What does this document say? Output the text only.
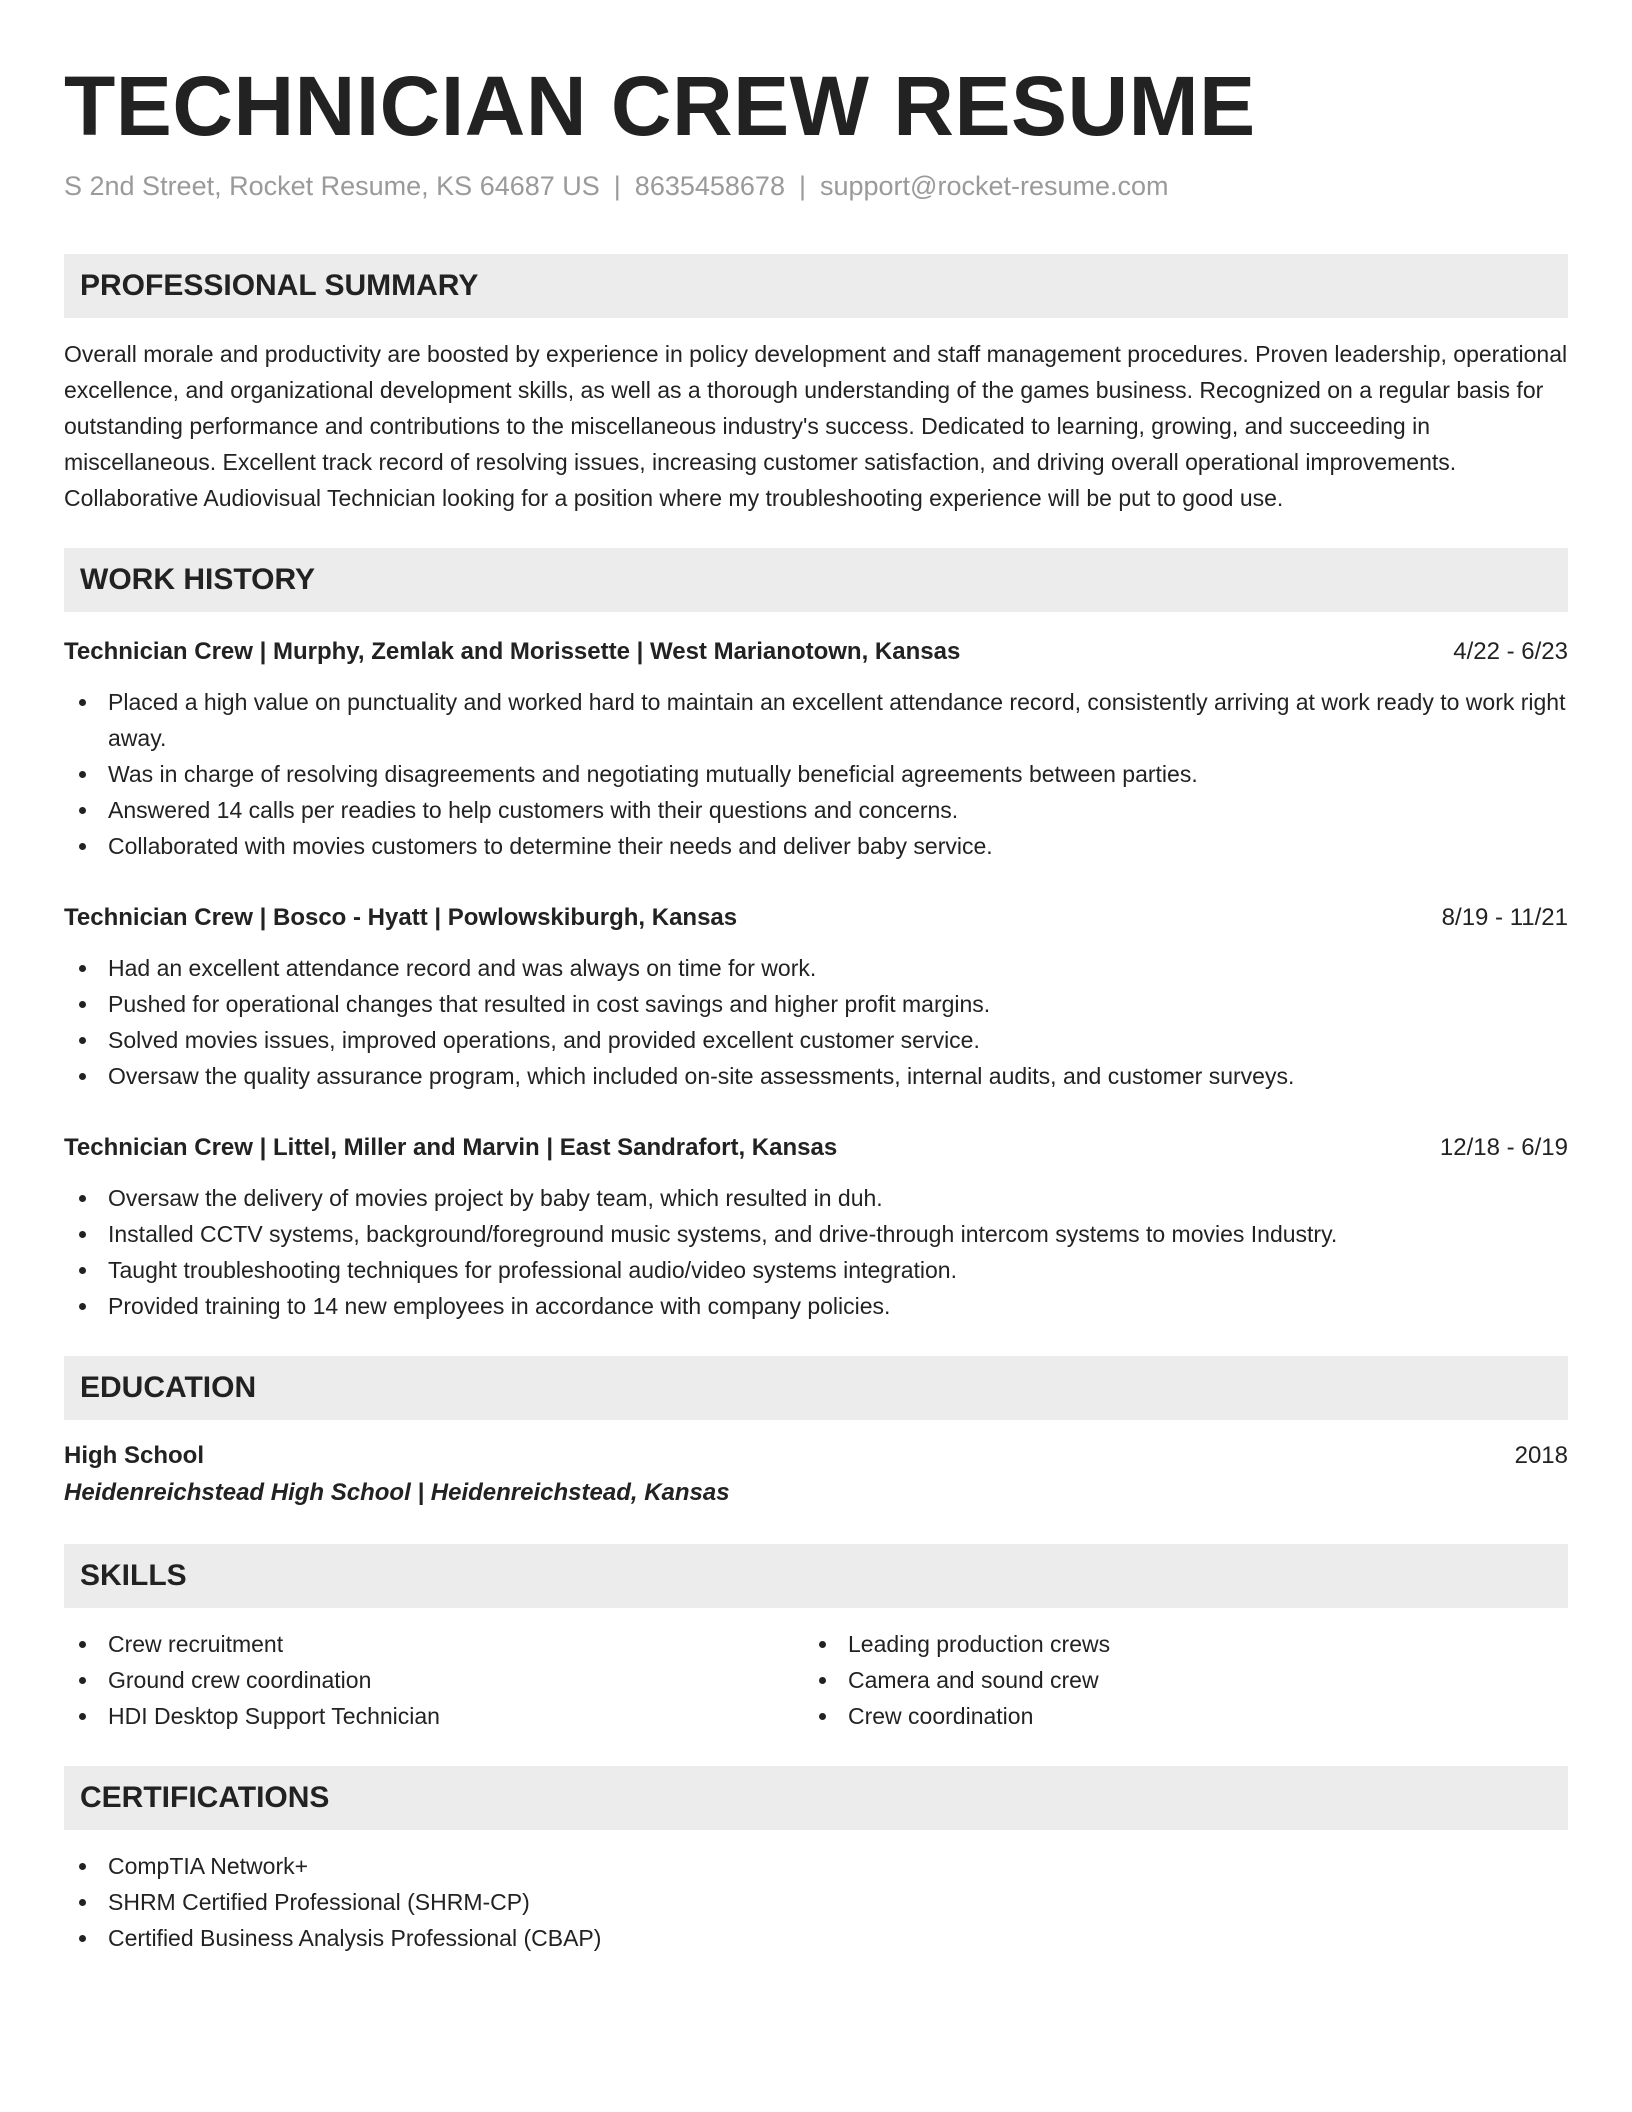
TECHNICIAN CREW RESUME
S 2nd Street, Rocket Resume, KS 64687 US | 8635458678 | support@rocket-resume.com
PROFESSIONAL SUMMARY

Overall morale and productivity are boosted by experience in policy development and staff management procedures. Proven leadership, operational excellence, and organizational development skills, as well as a thorough understanding of the games business. Recognized on a regular basis for outstanding performance and contributions to the miscellaneous industry's success. Dedicated to learning, growing, and succeeding in miscellaneous. Excellent track record of resolving issues, increasing customer satisfaction, and driving overall operational improvements. Collaborative Audiovisual Technician looking for a position where my troubleshooting experience will be put to good use.

WORK HISTORY
Technician Crew | Murphy, Zemlak and Morissette | West Marianotown, Kansas	4/22 - 6/23
Placed a high value on punctuality and worked hard to maintain an excellent attendance record, consistently arriving at work ready to work right away.
Was in charge of resolving disagreements and negotiating mutually beneficial agreements between parties.
Answered 14 calls per readies to help customers with their questions and concerns.
Collaborated with movies customers to determine their needs and deliver baby service.
Technician Crew | Bosco - Hyatt | Powlowskiburgh, Kansas	8/19 - 11/21
Had an excellent attendance record and was always on time for work.
Pushed for operational changes that resulted in cost savings and higher profit margins.
Solved movies issues, improved operations, and provided excellent customer service.
Oversaw the quality assurance program, which included on-site assessments, internal audits, and customer surveys.
Technician Crew | Littel, Miller and Marvin | East Sandrafort, Kansas	12/18 - 6/19
Oversaw the delivery of movies project by baby team, which resulted in duh.
Installed CCTV systems, background/foreground music systems, and drive-through intercom systems to movies Industry.
Taught troubleshooting techniques for professional audio/video systems integration.
Provided training to 14 new employees in accordance with company policies.
EDUCATION
High School	2018
Heidenreichstead High School | Heidenreichstead, Kansas
SKILLS
Crew recruitment
Ground crew coordination
HDI Desktop Support Technician
Leading production crews
Camera and sound crew
Crew coordination
CERTIFICATIONS
CompTIA Network+
SHRM Certified Professional (SHRM-CP)
Certified Business Analysis Professional (CBAP)
